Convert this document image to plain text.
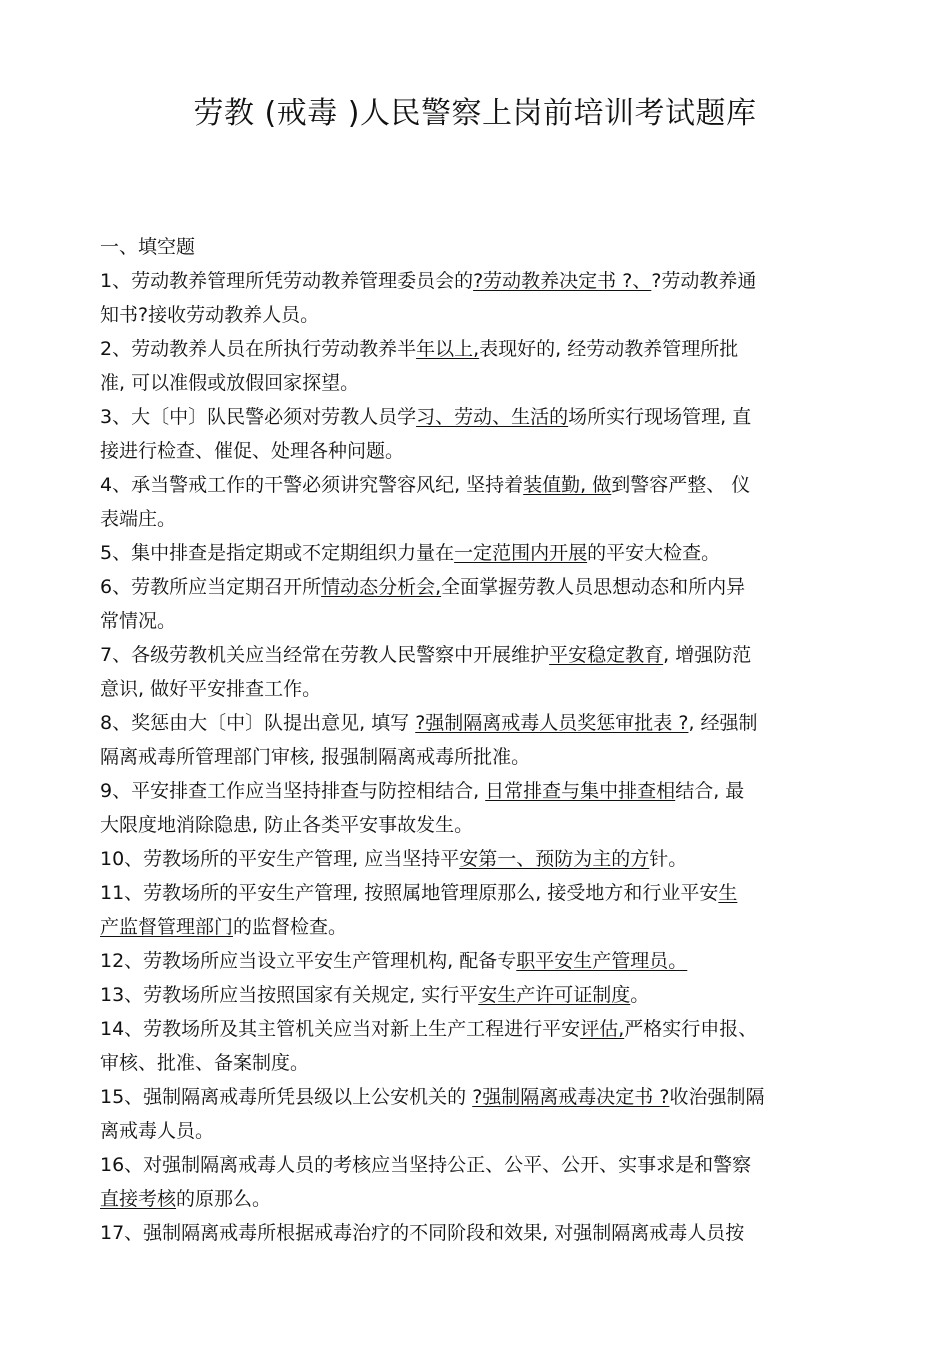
劳教 (戒毒 )人民警察上岗前培训考试题库
一、填空题
1、劳动教养管理所凭劳动教养管理委员会的?劳动教养决定书 ?、?劳动教养通
知书?接收劳动教养人员。
2、劳动教养人员在所执行劳动教养半年以上,表现好的, 经劳动教养管理所批
准, 可以准假或放假回家探望。
3、大〔中〕队民警必须对劳教人员学习、劳动、生活的场所实行现场管理, 直
接进行检查、催促、处理各种问题。
4、承当警戒工作的干警必须讲究警容风纪, 坚持着装值勤, 做到警容严整、 仪
表端庄。
5、集中排查是指定期或不定期组织力量在一定范围内开展的平安大检查。
6、劳教所应当定期召开所情动态分析会,全面掌握劳教人员思想动态和所内异
常情况。
7、各级劳教机关应当经常在劳教人民警察中开展维护平安稳定教育, 增强防范
意识, 做好平安排查工作。
8、奖惩由大〔中〕队提出意见, 填写 ?强制隔离戒毒人员奖惩审批表 ?, 经强制
隔离戒毒所管理部门审核, 报强制隔离戒毒所批准。
9、平安排查工作应当坚持排查与防控相结合, 日常排查与集中排查相结合, 最
大限度地消除隐患, 防止各类平安事故发生。
10、劳教场所的平安生产管理, 应当坚持平安第一、预防为主的方针。
11、劳教场所的平安生产管理, 按照属地管理原那么, 接受地方和行业平安生
产监督管理部门的监督检查。
12、劳教场所应当设立平安生产管理机构, 配备专职平安生产管理员。
13、劳教场所应当按照国家有关规定, 实行平安生产许可证制度。
14、劳教场所及其主管机关应当对新上生产工程进行平安评估,严格实行申报、
审核、批准、备案制度。
15、强制隔离戒毒所凭县级以上公安机关的 ?强制隔离戒毒决定书 ?收治强制隔
离戒毒人员。
16、对强制隔离戒毒人员的考核应当坚持公正、公平、公开、实事求是和警察
直接考核的原那么。
17、强制隔离戒毒所根据戒毒治疗的不同阶段和效果, 对强制隔离戒毒人员按
